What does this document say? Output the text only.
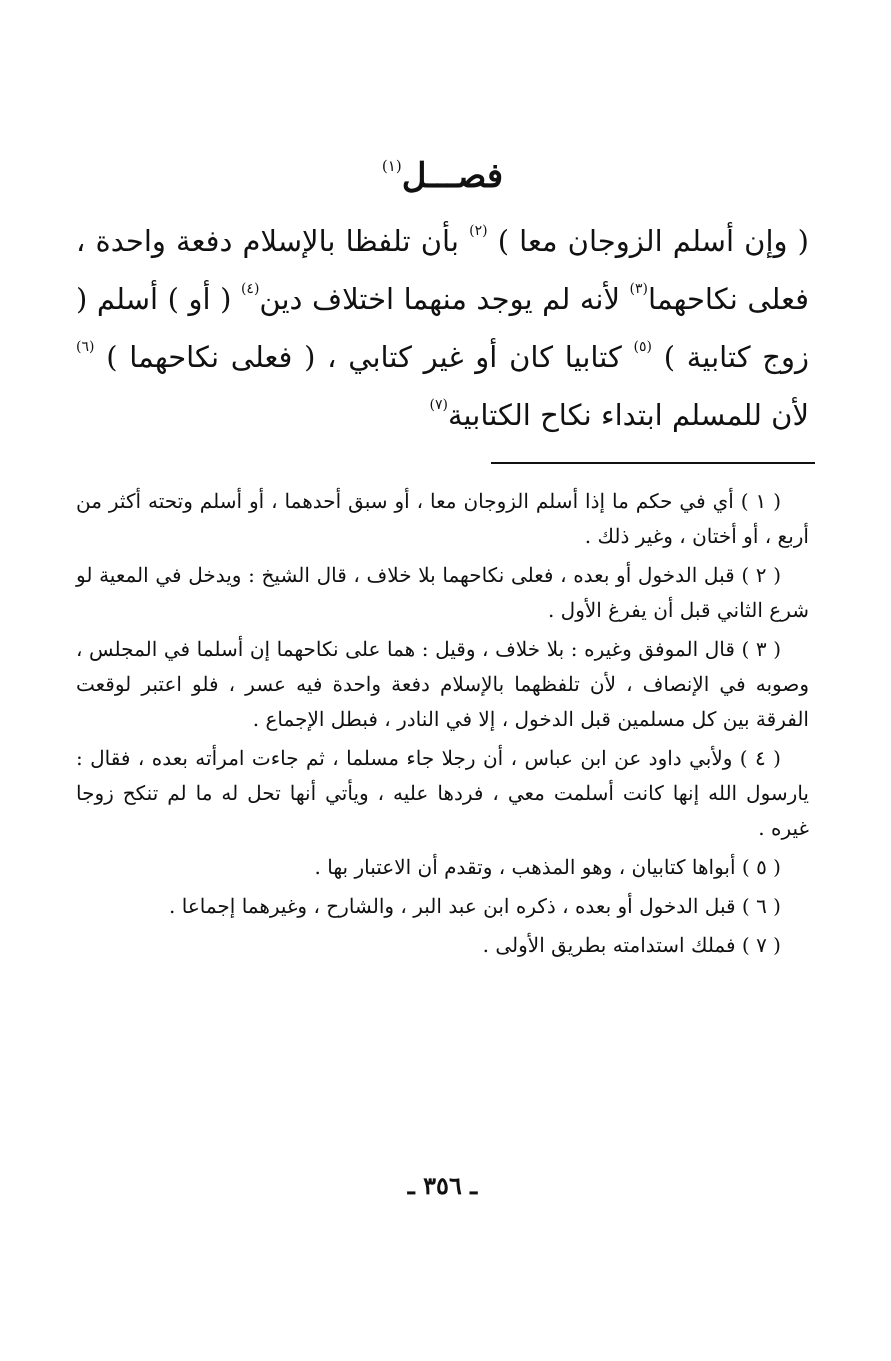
فصـــل$^{(١)}$

( وإن أسلم الزوجان معا ) $^{(٢)}$ بأن تلفظا بالإسلام دفعة واحدة ، فعلى نكاحهما$^{(٣)}$ لأنه لم يوجد منهما اختلاف دين$^{(٤)}$ ( أو ) أسلم ( زوج كتابية ) $^{(٥)}$ كتابيا كان أو غير كتابي ، ( فعلى نكاحهما ) $^{(٦)}$ لأن للمسلم ابتداء نكاح الكتابية$^{(٧)}$

( ١ ) أي في حكم ما إذا أسلم الزوجان معا ، أو سبق أحدهما ، أو أسلم وتحته أكثر من أربع ، أو أختان ، وغير ذلك .

( ٢ ) قبل الدخول أو بعده ، فعلى نكاحهما بلا خلاف ، قال الشيخ : ويدخل في المعية لو شرع الثاني قبل أن يفرغ الأول .

( ٣ ) قال الموفق وغيره : بلا خلاف ، وقيل : هما على نكاحهما إن أسلما في المجلس ، وصوبه في الإنصاف ، لأن تلفظهما بالإسلام دفعة واحدة فيه عسر ، فلو اعتبر لوقعت الفرقة بين كل مسلمين قبل الدخول ، إلا في النادر ، فبطل الإجماع .

( ٤ ) ولأبي داود عن ابن عباس ، أن رجلا جاء مسلما ، ثم جاءت امرأته بعده ، فقال : يارسول الله إنها كانت أسلمت معي ، فردها عليه ، ويأتي أنها تحل له ما لم تنكح زوجا غيره .

( ٥ ) أبواها كتابيان ، وهو المذهب ، وتقدم أن الاعتبار بها .

( ٦ ) قبل الدخول أو بعده ، ذكره ابن عبد البر ، والشارح ، وغيرهما إجماعا .

( ٧ ) فملك استدامته بطريق الأولى .

ـ ٣٥٦ ـ
